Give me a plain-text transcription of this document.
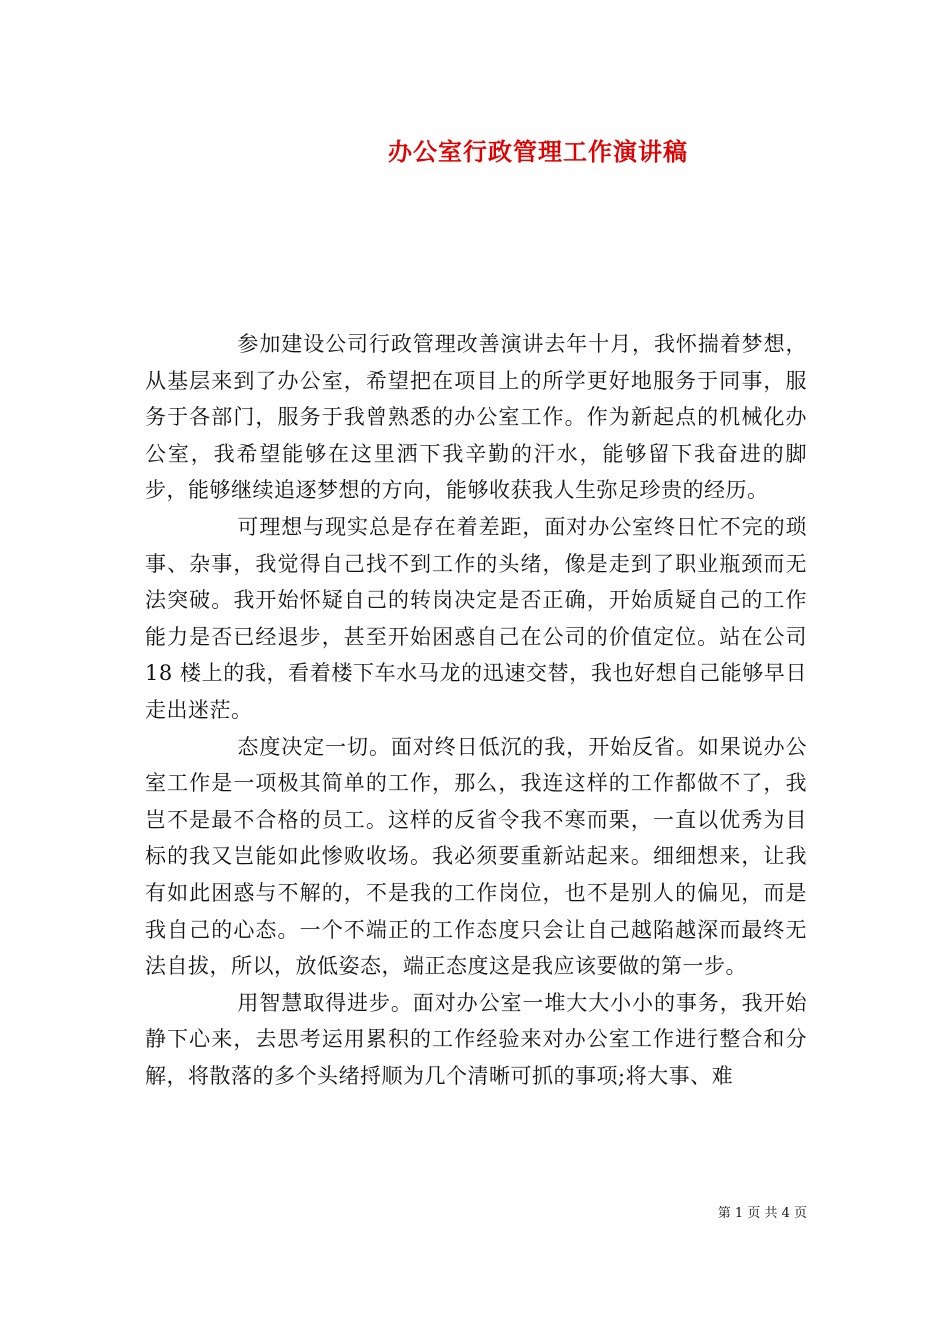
办公室行政管理工作演讲稿

参加建设公司行政管理改善演讲去年十月，我怀揣着梦想，从基层来到了办公室，希望把在项目上的所学更好地服务于同事，服务于各部门，服务于我曾熟悉的办公室工作。作为新起点的机械化办公室，我希望能够在这里洒下我辛勤的汗水，能够留下我奋进的脚步，能够继续追逐梦想的方向，能够收获我人生弥足珍贵的经历。

可理想与现实总是存在着差距，面对办公室终日忙不完的琐事、杂事，我觉得自己找不到工作的头绪，像是走到了职业瓶颈而无法突破。我开始怀疑自己的转岗决定是否正确，开始质疑自己的工作能力是否已经退步，甚至开始困惑自己在公司的价值定位。站在公司 18 楼上的我，看着楼下车水马龙的迅速交替，我也好想自己能够早日走出迷茫。

态度决定一切。面对终日低沉的我，开始反省。如果说办公室工作是一项极其简单的工作，那么，我连这样的工作都做不了，我岂不是最不合格的员工。这样的反省令我不寒而栗，一直以优秀为目标的我又岂能如此惨败收场。我必须要重新站起来。细细想来，让我有如此困惑与不解的，不是我的工作岗位，也不是别人的偏见，而是我自己的心态。一个不端正的工作态度只会让自己越陷越深而最终无法自拔，所以，放低姿态，端正态度这是我应该要做的第一步。

用智慧取得进步。面对办公室一堆大大小小的事务，我开始静下心来，去思考运用累积的工作经验来对办公室工作进行整合和分解，将散落的多个头绪捋顺为几个清晰可抓的事项;将大事、难

第 1 页 共 4 页
